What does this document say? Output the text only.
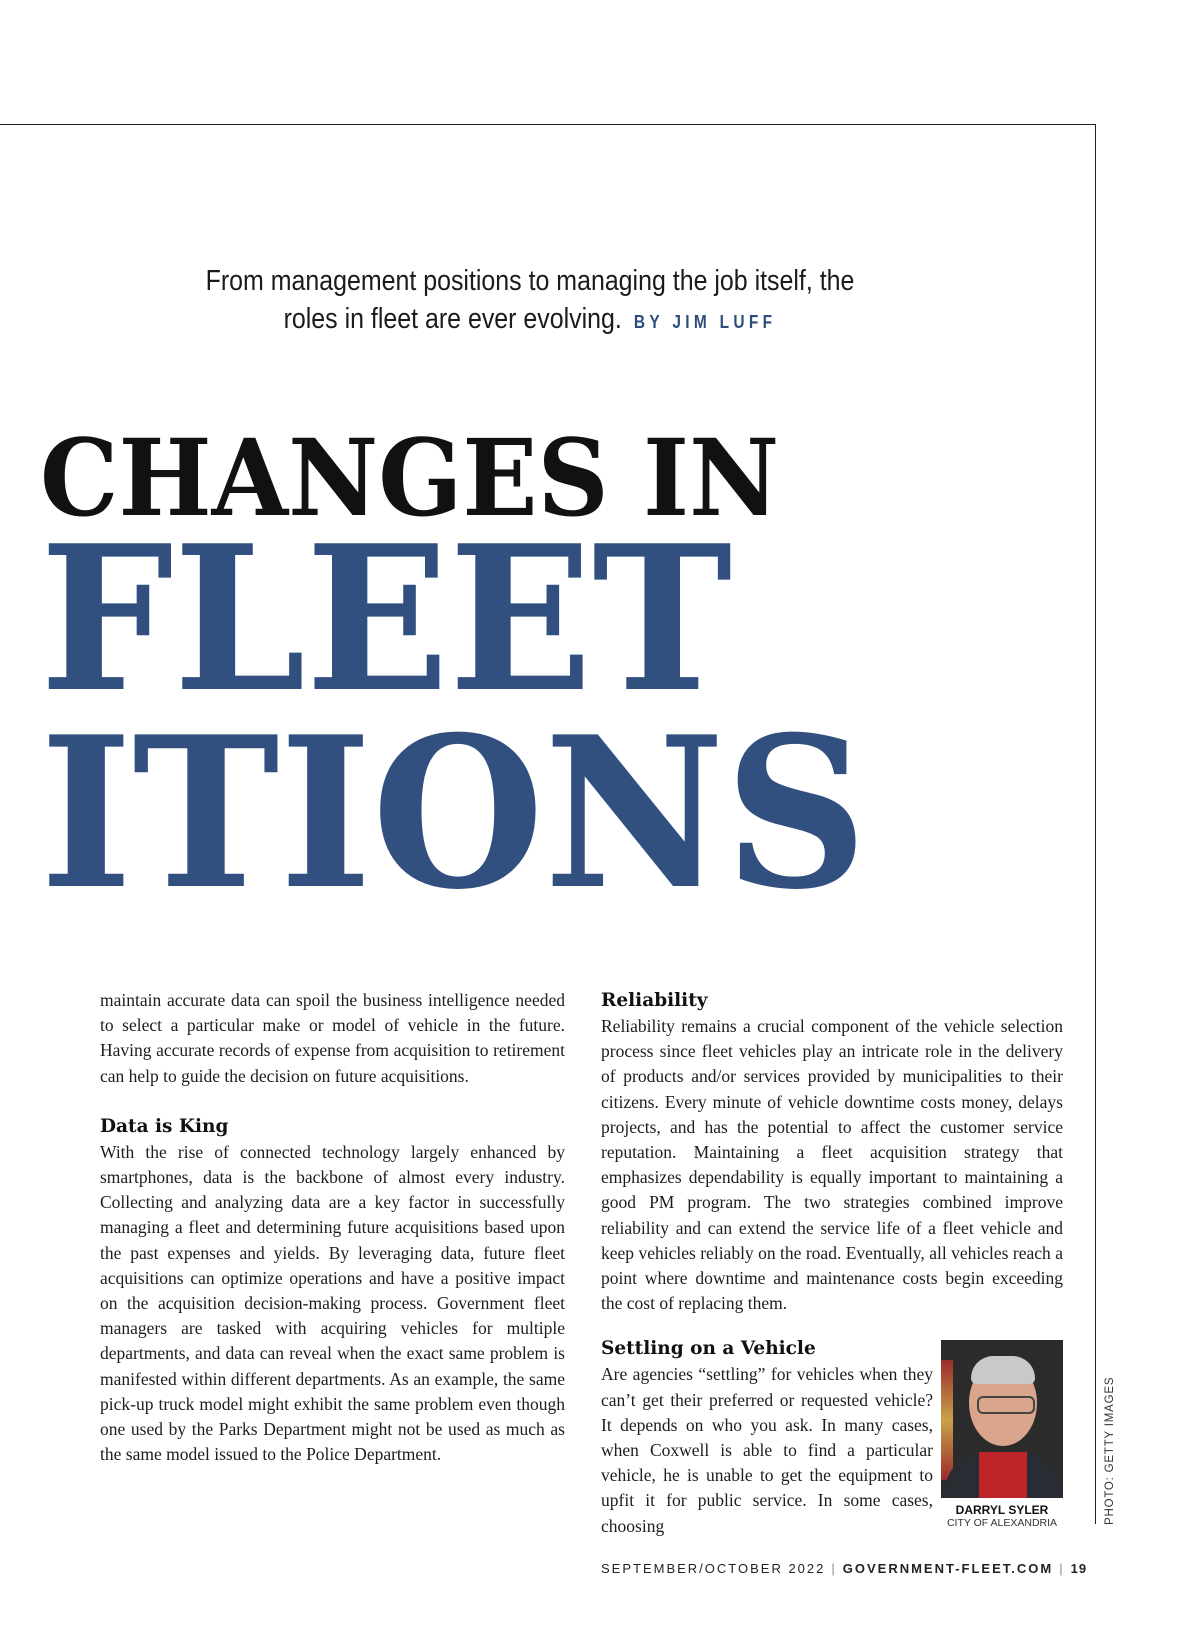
From management positions to managing the job itself, the roles in fleet are ever evolving. BY JIM LUFF
CHANGES IN
FLEET
ITIONS

maintain accurate data can spoil the business intelligence needed to select a particular make or model of vehicle in the future. Having accurate records of expense from acquisition to retirement can help to guide the decision on future acquisitions.

Data is King

With the rise of connected technology largely enhanced by smartphones, data is the backbone of almost every industry. Collecting and analyzing data are a key factor in successfully managing a fleet and determining future acquisitions based upon the past expenses and yields. By leveraging data, future fleet acquisitions can optimize operations and have a positive impact on the acquisition decision-making process. Government fleet managers are tasked with acquiring vehicles for multiple departments, and data can reveal when the exact same problem is manifested within different departments. As an example, the same pick-up truck model might exhibit the same problem even though one used by the Parks Department might not be used as much as the same model issued to the Police Department.

Reliability

Reliability remains a crucial component of the vehicle selection process since fleet vehicles play an intricate role in the delivery of products and/or services provided by municipalities to their citizens. Every minute of vehicle downtime costs money, delays projects, and has the potential to affect the customer service reputation. Maintaining a fleet acquisition strategy that emphasizes dependability is equally important to maintaining a good PM program. The two strategies combined improve reliability and can extend the service life of a fleet vehicle and keep vehicles reliably on the road. Eventually, all vehicles reach a point where downtime and maintenance costs begin exceeding the cost of replacing them.

Settling on a Vehicle
DARRYL SYLER
CITY OF ALEXANDRIA

Are agencies “settling” for vehicles when they can’t get their preferred or requested vehicle? It depends on who you ask. In many cases, when Coxwell is able to find a particular vehicle, he is unable to get the equipment to upfit it for public service. In some cases, choosing

PHOTO: GETTY IMAGES
SEPTEMBER/OCTOBER 2022 | GOVERNMENT-FLEET.COM | 19
